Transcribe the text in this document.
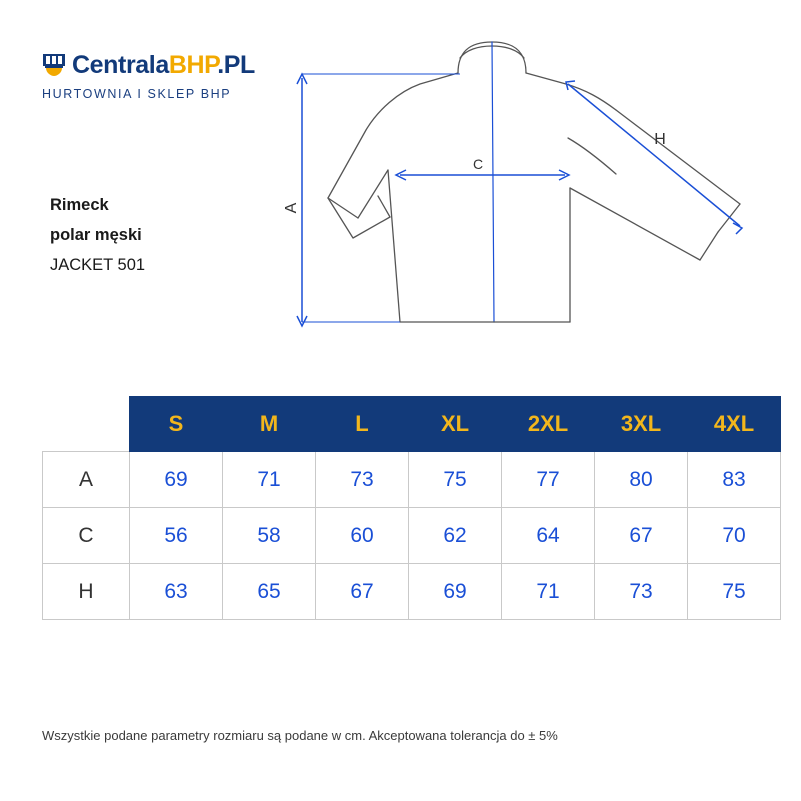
CentralaBHP.PL
HURTOWNIA I SKLEP BHP
Rimeck
polar męski
JACKET 501
A
C
H
	S	M	L	XL	2XL	3XL	4XL
A	69	71	73	75	77	80	83
C	56	58	60	62	64	67	70
H	63	65	67	69	71	73	75
Wszystkie podane parametry rozmiaru są podane w cm. Akceptowana tolerancja do ± 5%
